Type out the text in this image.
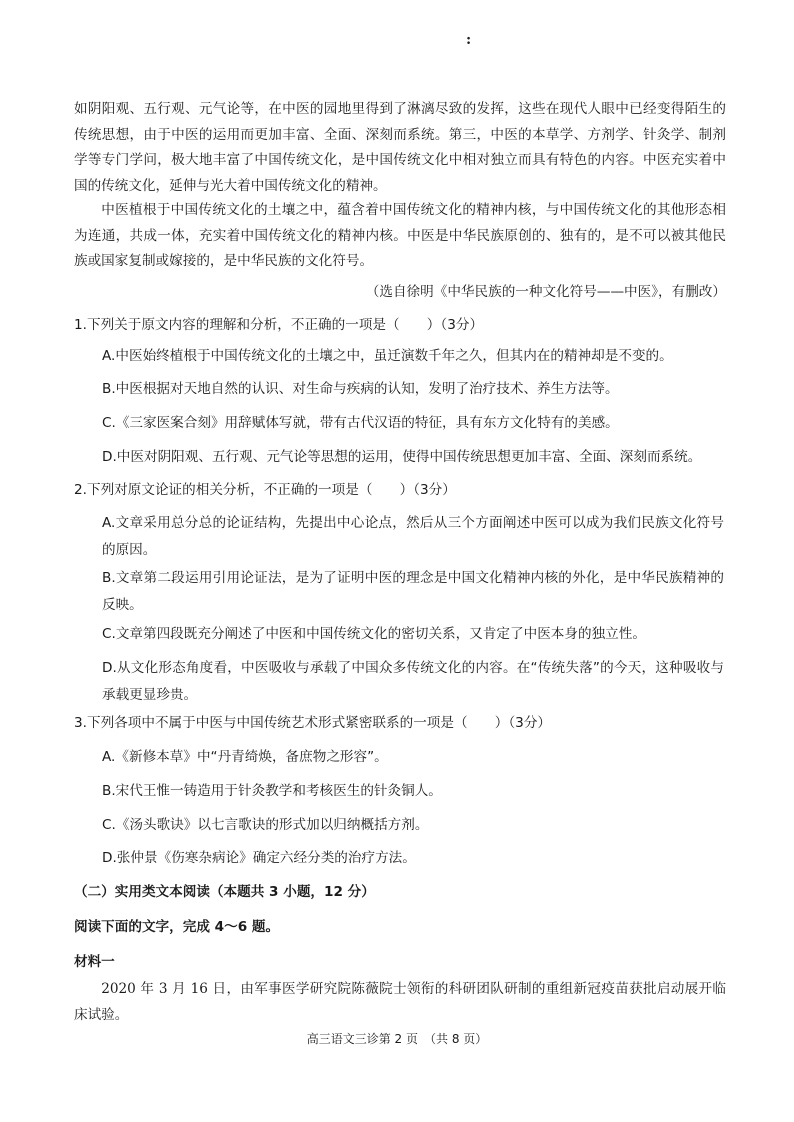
:
如阴阳观、五行观、元气论等，在中医的园地里得到了淋漓尽致的发挥，这些在现代人眼中已经变得陌生的传统思想，由于中医的运用而更加丰富、全面、深刻而系统。第三，中医的本草学、方剂学、针灸学、制剂学等专门学问，极大地丰富了中国传统文化，是中国传统文化中相对独立而具有特色的内容。中医充实着中国的传统文化，延伸与光大着中国传统文化的精神。
中医植根于中国传统文化的土壤之中，蕴含着中国传统文化的精神内核，与中国传统文化的其他形态相为连通，共成一体，充实着中国传统文化的精神内核。中医是中华民族原创的、独有的，是不可以被其他民族或国家复制或嫁接的，是中华民族的文化符号。
（选自徐明《中华民族的一种文化符号——中医》，有删改）
1.下列关于原文内容的理解和分析，不正确的一项是（　　）（3分）
A.中医始终植根于中国传统文化的土壤之中，虽迁演数千年之久，但其内在的精神却是不变的。
B.中医根据对天地自然的认识、对生命与疾病的认知，发明了治疗技术、养生方法等。
C.《三家医案合刻》用辞赋体写就，带有古代汉语的特征，具有东方文化特有的美感。
D.中医对阴阳观、五行观、元气论等思想的运用，使得中国传统思想更加丰富、全面、深刻而系统。
2.下列对原文论证的相关分析，不正确的一项是（　　）（3分）
A.文章采用总分总的论证结构，先提出中心论点，然后从三个方面阐述中医可以成为我们民族文化符号的原因。
B.文章第二段运用引用论证法，是为了证明中医的理念是中国文化精神内核的外化，是中华民族精神的反映。
C.文章第四段既充分阐述了中医和中国传统文化的密切关系，又肯定了中医本身的独立性。
D.从文化形态角度看，中医吸收与承载了中国众多传统文化的内容。在“传统失落”的今天，这种吸收与承载更显珍贵。
3.下列各项中不属于中医与中国传统艺术形式紧密联系的一项是（　　）（3分）
A.《新修本草》中“丹青绮焕，备庶物之形容”。
B.宋代王惟一铸造用于针灸教学和考核医生的针灸铜人。
C.《汤头歌诀》以七言歌诀的形式加以归纳概括方剂。
D.张仲景《伤寒杂病论》确定六经分类的治疗方法。
（二）实用类文本阅读（本题共 3 小题，12 分）
阅读下面的文字，完成 4～6 题。
材料一
2020 年 3 月 16 日，由军事医学研究院陈薇院士领衔的科研团队研制的重组新冠疫苗获批启动展开临床试验。
高三语文三诊第 2 页　（共 8 页）
